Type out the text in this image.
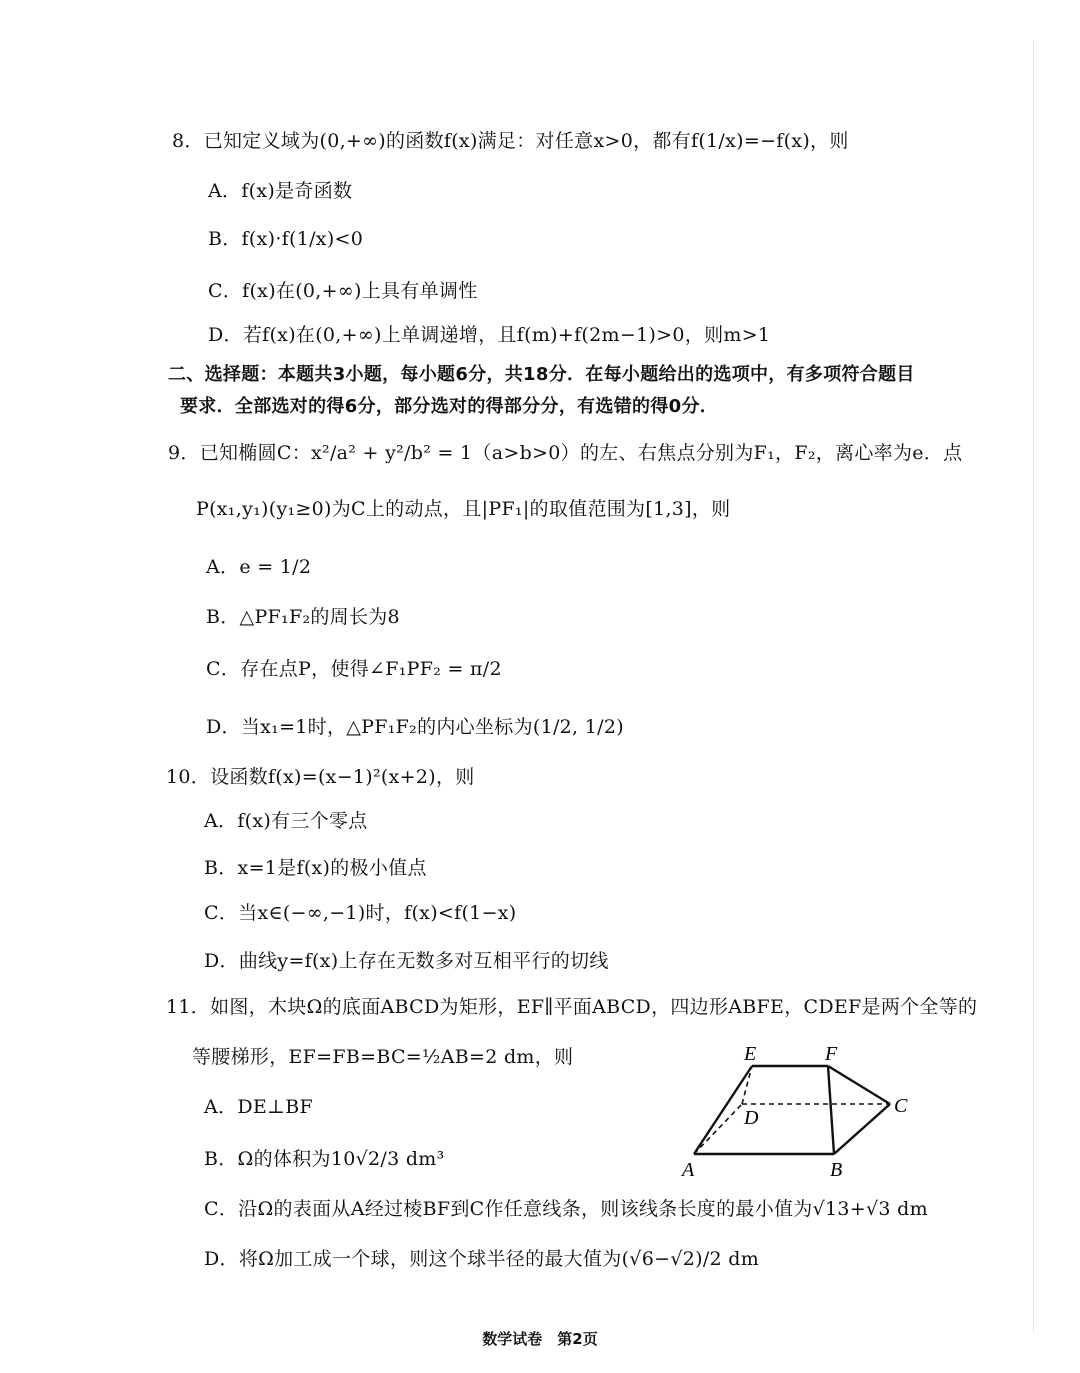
8．已知定义域为(0,+∞)的函数f(x)满足：对任意x>0，都有f(1/x)=−f(x)，则
A．f(x)是奇函数
B．f(x)·f(1/x)<0
C．f(x)在(0,+∞)上具有单调性
D．若f(x)在(0,+∞)上单调递增，且f(m)+f(2m−1)>0，则m>1
二、选择题：本题共3小题，每小题6分，共18分．在每小题给出的选项中，有多项符合题目
要求．全部选对的得6分，部分选对的得部分分，有选错的得0分．
9．已知椭圆C：x²/a² + y²/b² = 1（a>b>0）的左、右焦点分别为F₁，F₂，离心率为e．点
P(x₁,y₁)(y₁≥0)为C上的动点，且|PF₁|的取值范围为[1,3]，则
A．e = 1/2
B．△PF₁F₂的周长为8
C．存在点P，使得∠F₁PF₂ = π/2
D．当x₁=1时，△PF₁F₂的内心坐标为(1/2, 1/2)
10．设函数f(x)=(x−1)²(x+2)，则
A．f(x)有三个零点
B．x=1是f(x)的极小值点
C．当x∈(−∞,−1)时，f(x)<f(1−x)
D．曲线y=f(x)上存在无数多对互相平行的切线
11．如图，木块Ω的底面ABCD为矩形，EF∥平面ABCD，四边形ABFE，CDEF是两个全等的
等腰梯形，EF=FB=BC=½AB=2 dm，则
A．DE⊥BF
B．Ω的体积为10√2/3 dm³
C．沿Ω的表面从A经过棱BF到C作任意线条，则该线条长度的最小值为√13+√3 dm
D．将Ω加工成一个球，则这个球半径的最大值为(√6−√2)/2 dm
E	F
C
D
A	B
数学试卷　第2页
